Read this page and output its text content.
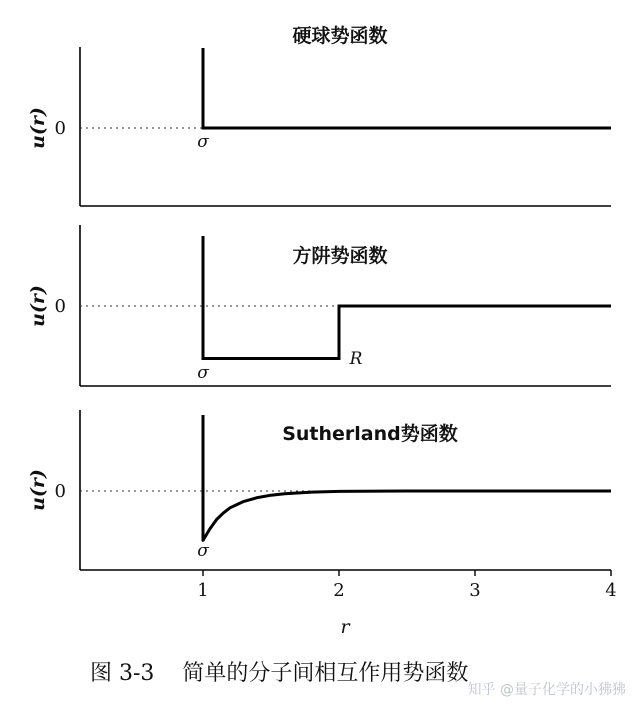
硬球势函数
u(r) 0
σ
方阱势函数
u(r) 0
σ
R
Sutherland势函数
u(r) 0
σ
1	2	3	4
r
图 3-3    简单的分子间相互作用势函数
知乎 @量子化学的小狒狒
